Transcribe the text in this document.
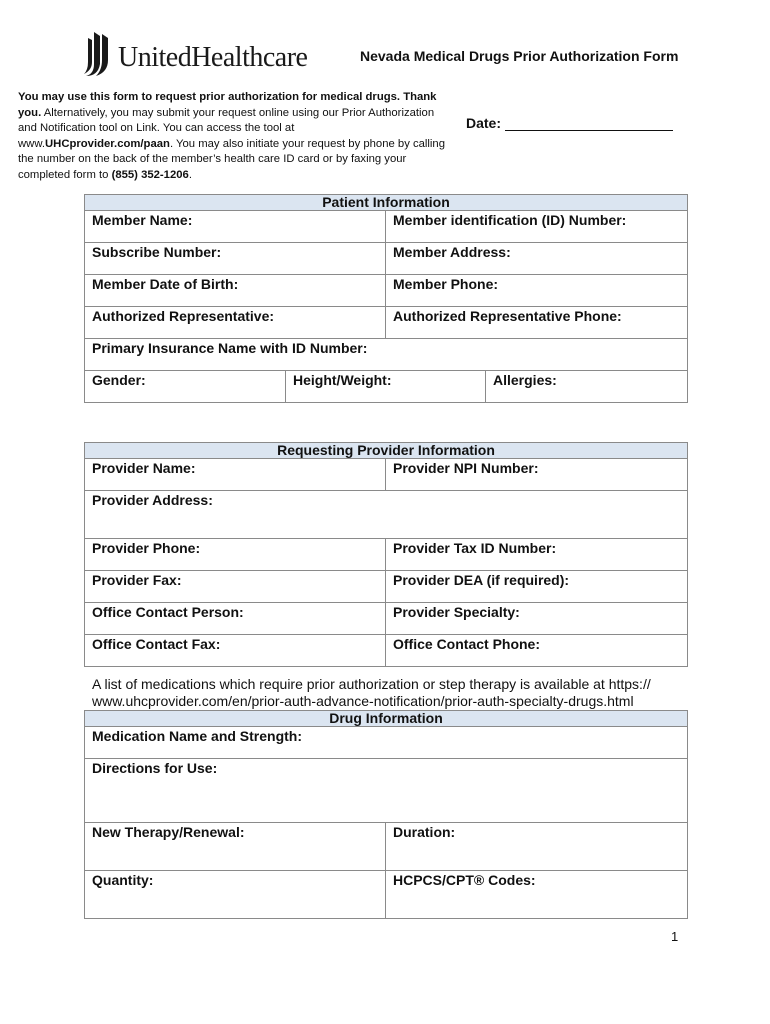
UnitedHealthcare	Nevada Medical Drugs Prior Authorization Form
You may use this form to request prior authorization for medical drugs. Thank you. Alternatively, you may submit your request online using our Prior Authorization and Notification tool on Link. You can access the tool at www.UHCprovider.com/paan. You may also initiate your request by phone by calling the number on the back of the member’s health care ID card or by faxing your completed form to (855) 352-1206.
Date:
Patient Information			
Member Name:		Member identification (ID) Number:	
Subscribe Number:		Member Address:	
Member Date of Birth:		Member Phone:	
Authorized Representative:		Authorized Representative Phone:	
Primary Insurance Name with ID Number:			
Gender:	Height/Weight:		Allergies:
Requesting Provider Information	
Provider Name:	Provider NPI Number:
Provider Address:	
Provider Phone:	Provider Tax ID Number:
Provider Fax:	Provider DEA (if required):
Office Contact Person:	Provider Specialty:
Office Contact Fax:	Office Contact Phone:
A list of medications which require prior authorization or step therapy is available at https:// www.uhcprovider.com/en/prior-auth-advance-notification/prior-auth-specialty-drugs.html
Drug Information	
Medication Name and Strength:	
Directions for Use:	
New Therapy/Renewal:	Duration:
Quantity:	HCPCS/CPT® Codes:
1
